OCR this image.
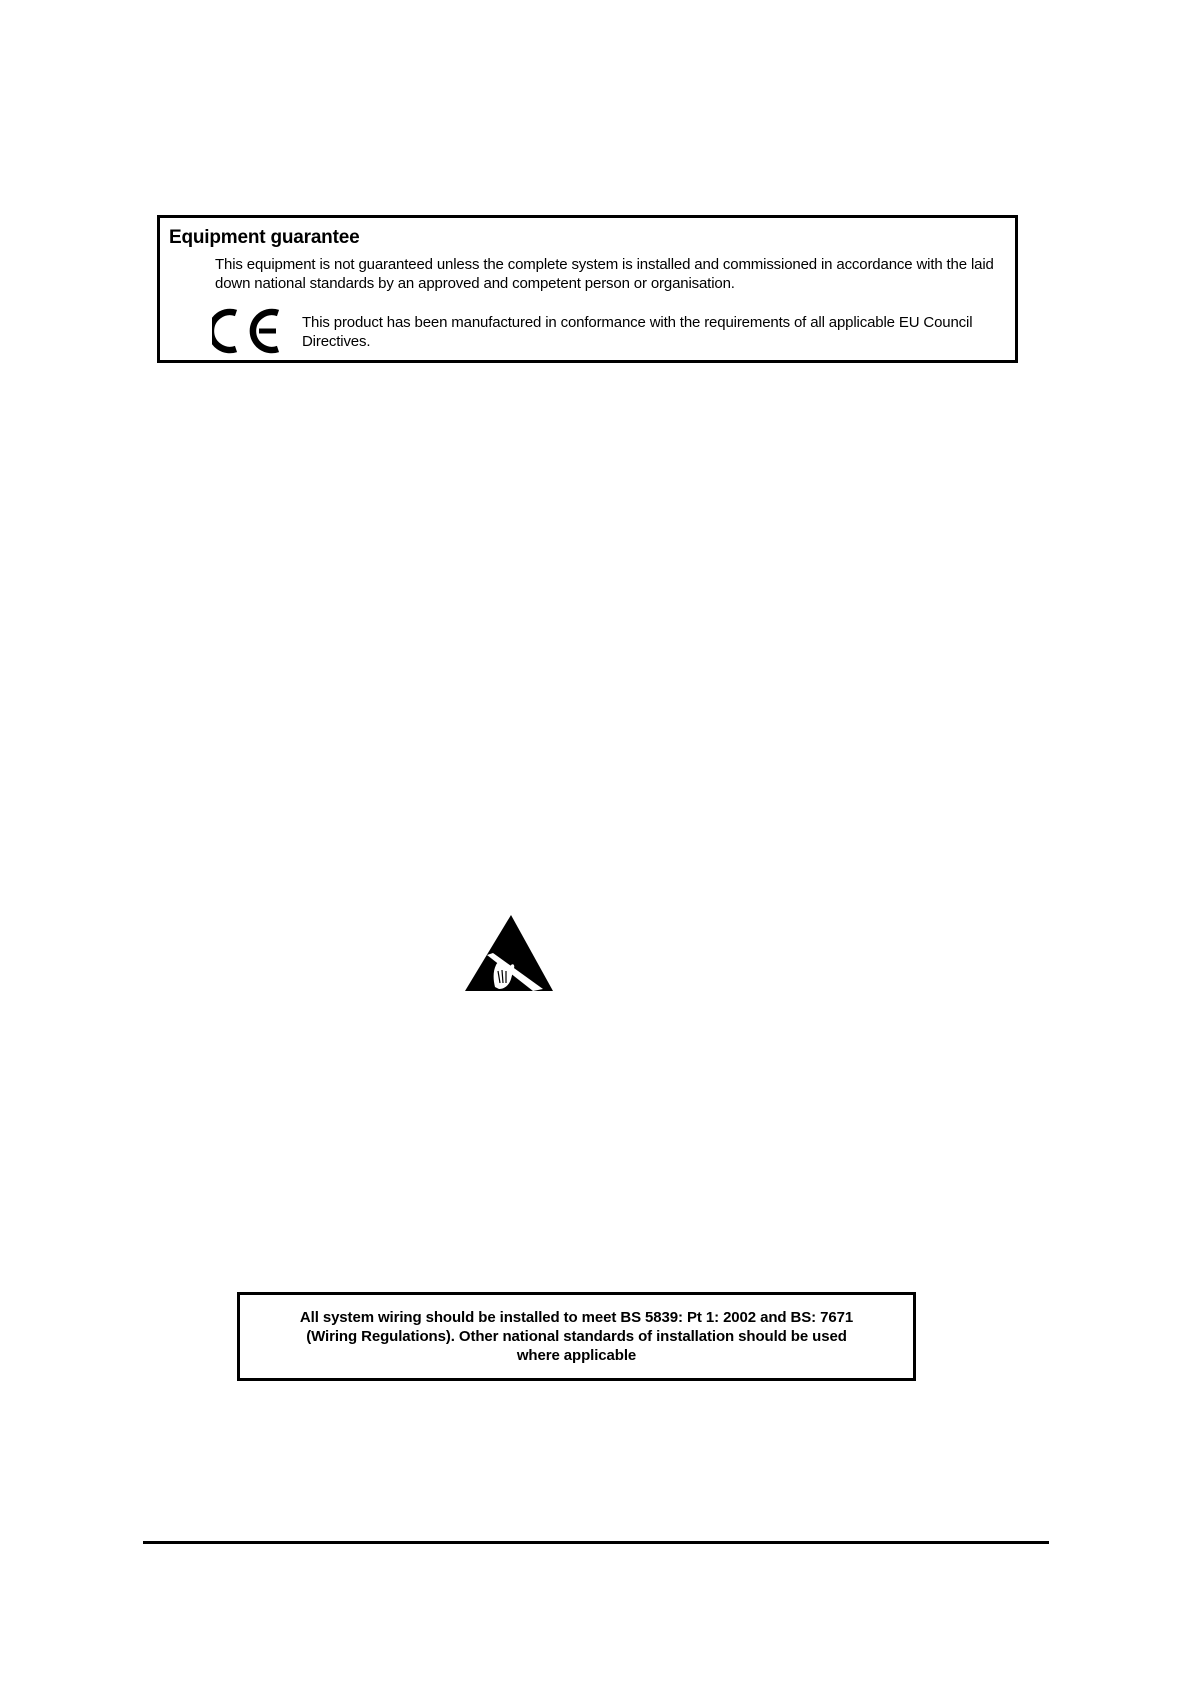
Equipment guarantee
This equipment is not guaranteed unless the complete system is installed and commissioned in accordance with the laid down national standards by an approved and competent person or organisation.
This product has been manufactured in conformance with the requirements of all applicable EU Council Directives.
All system wiring should be installed to meet BS 5839: Pt 1: 2002 and BS: 7671 (Wiring Regulations). Other national standards of installation should be used where applicable
